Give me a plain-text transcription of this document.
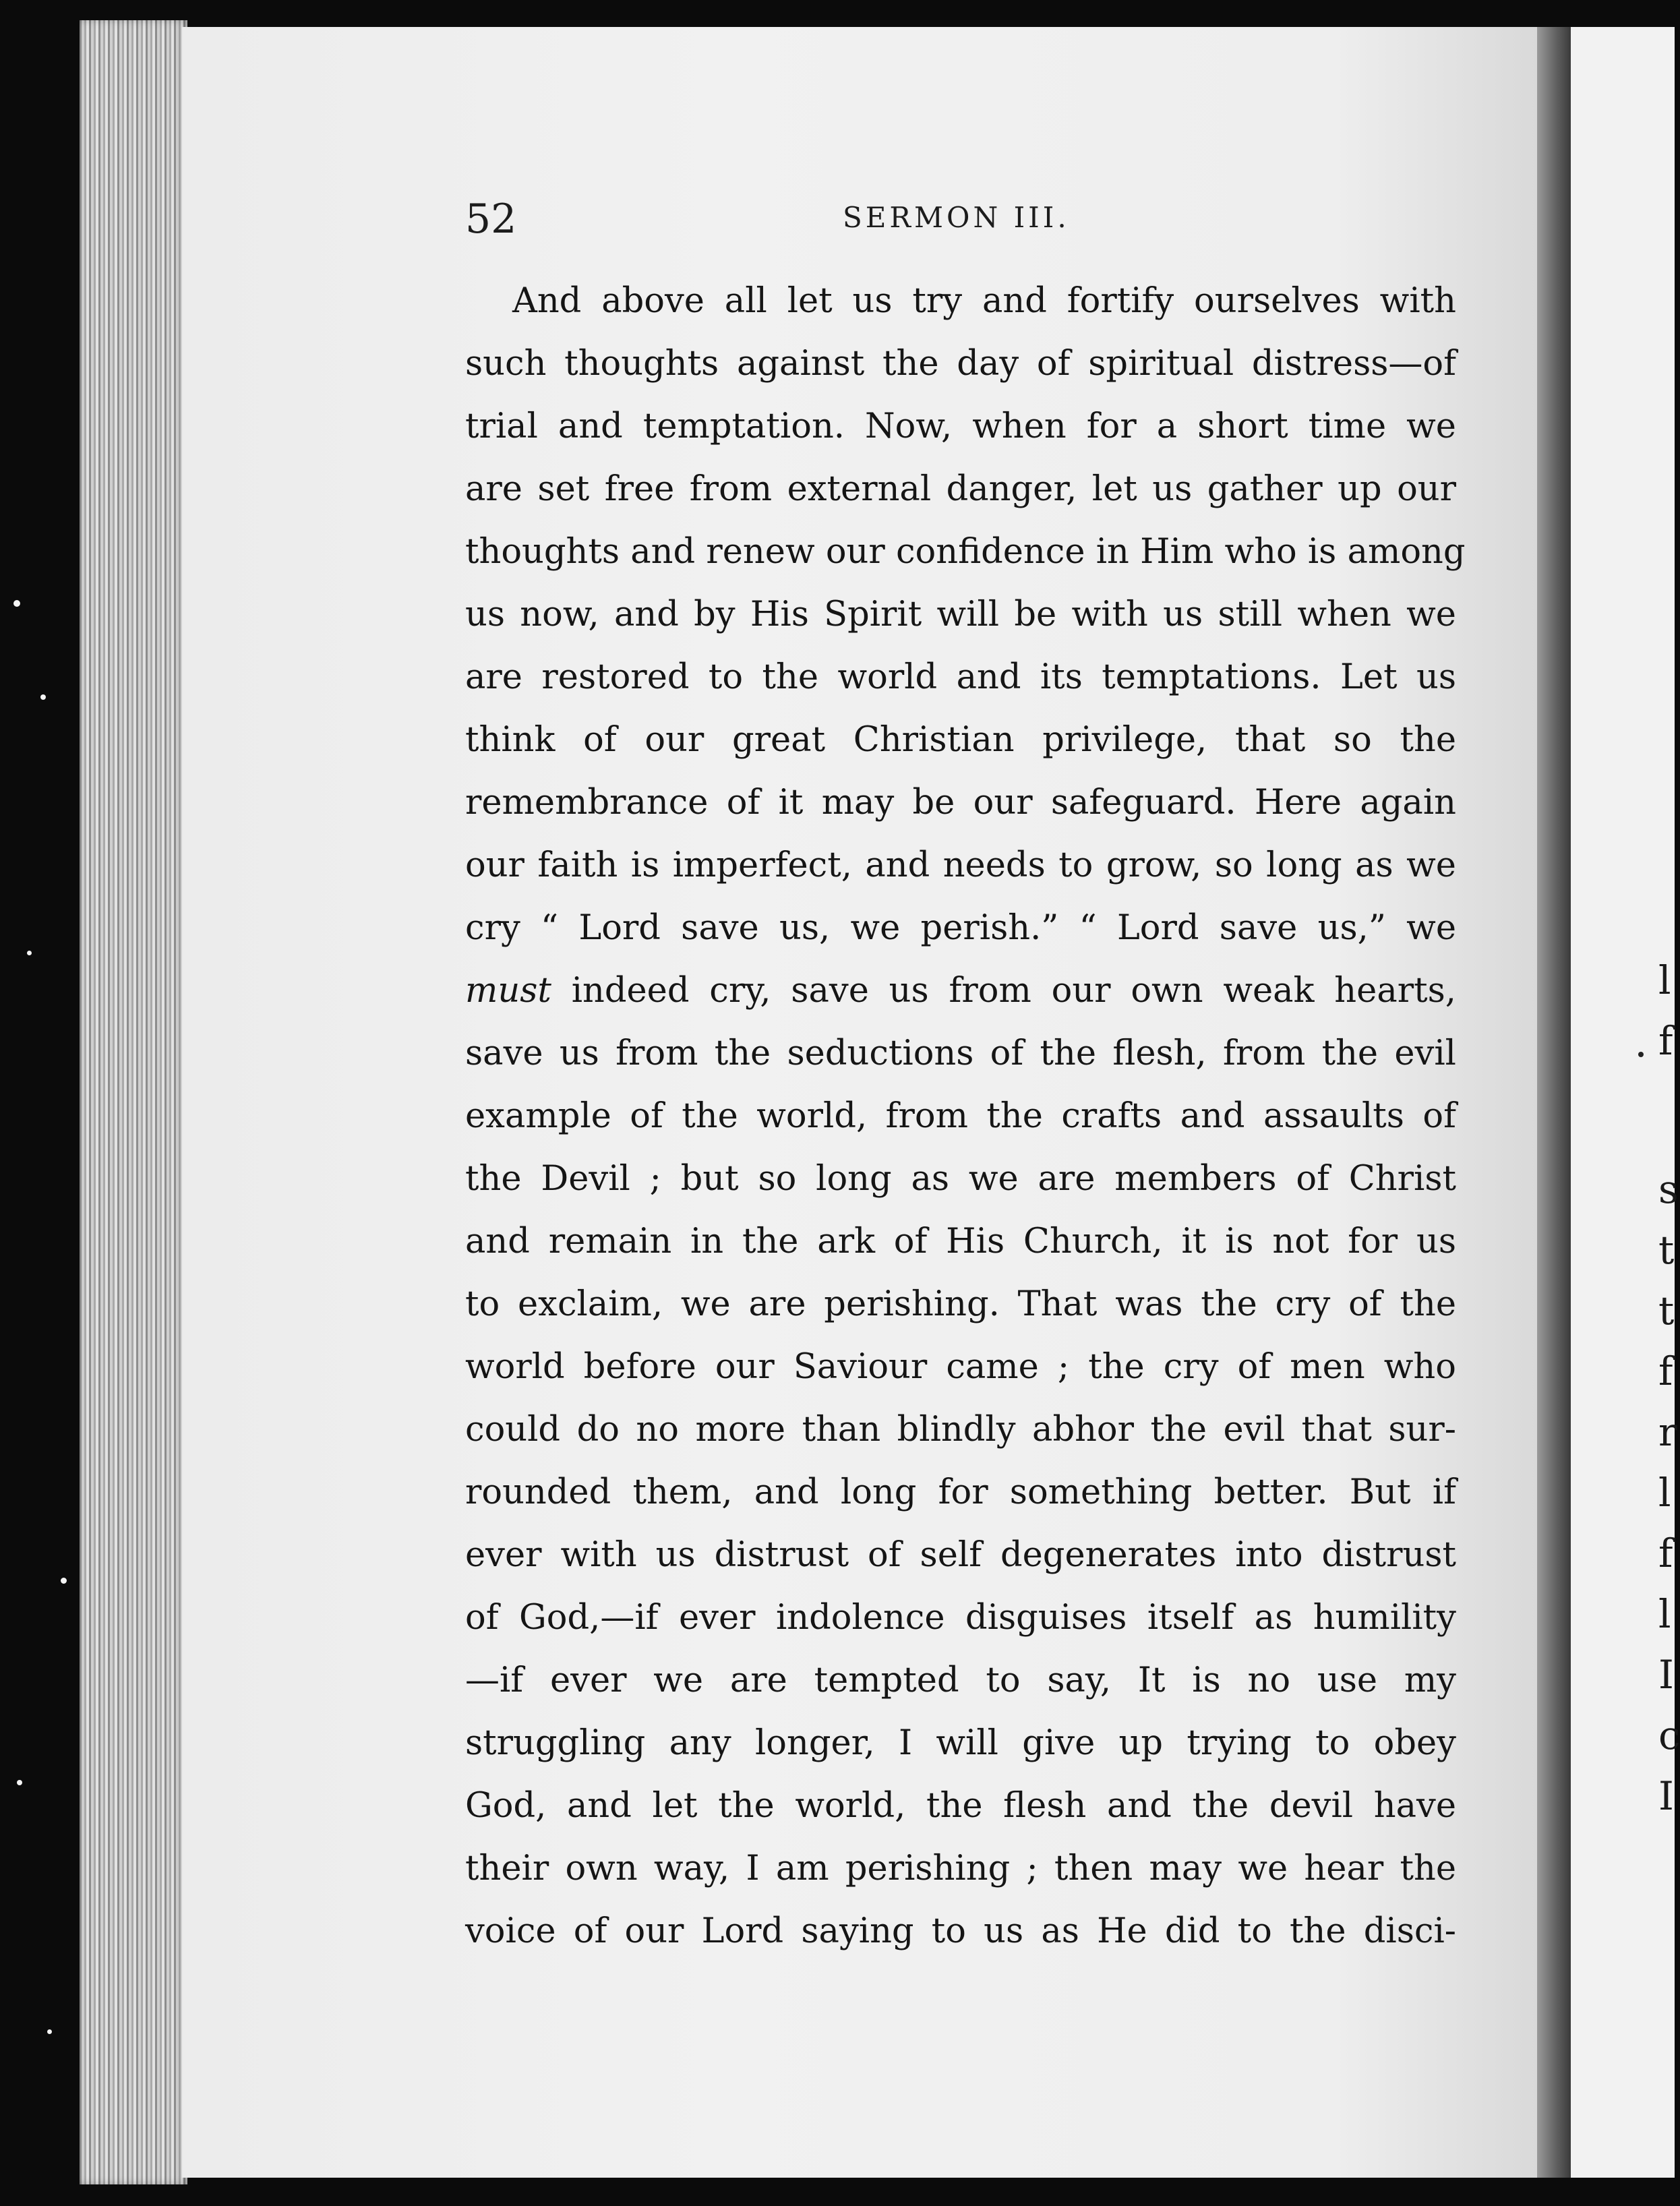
52	SERMON III.
And above all let us try and fortify ourselves with
such thoughts against the day of spiritual distress—of
trial and temptation. Now, when for a short time we
are set free from external danger, let us gather up our
thoughts and renew our confidence in Him who is among
us now, and by His Spirit will be with us still when we
are restored to the world and its temptations. Let us
think of our great Christian privilege, that so the
remembrance of it may be our safeguard. Here again
our faith is imperfect, and needs to grow, so long as we
cry “ Lord save us, we perish.” “ Lord save us,” we
must indeed cry, save us from our own weak hearts,
save us from the seductions of the flesh, from the evil
example of the world, from the crafts and assaults of
the Devil ; but so long as we are members of Christ
and remain in the ark of His Church, it is not for us
to exclaim, we are perishing. That was the cry of the
world before our Saviour came ; the cry of men who
could do no more than blindly abhor the evil that sur-
rounded them, and long for something better. But if
ever with us distrust of self degenerates into distrust
of God,—if ever indolence disguises itself as humility
—if ever we are tempted to say, It is no use my
struggling any longer, I will give up trying to obey
God, and let the world, the flesh and the devil have
their own way, I am perishing ; then may we hear the
voice of our Lord saying to us as He did to the disci-
l
f
s
t
t
f
r
l
f
l
I
c
I
